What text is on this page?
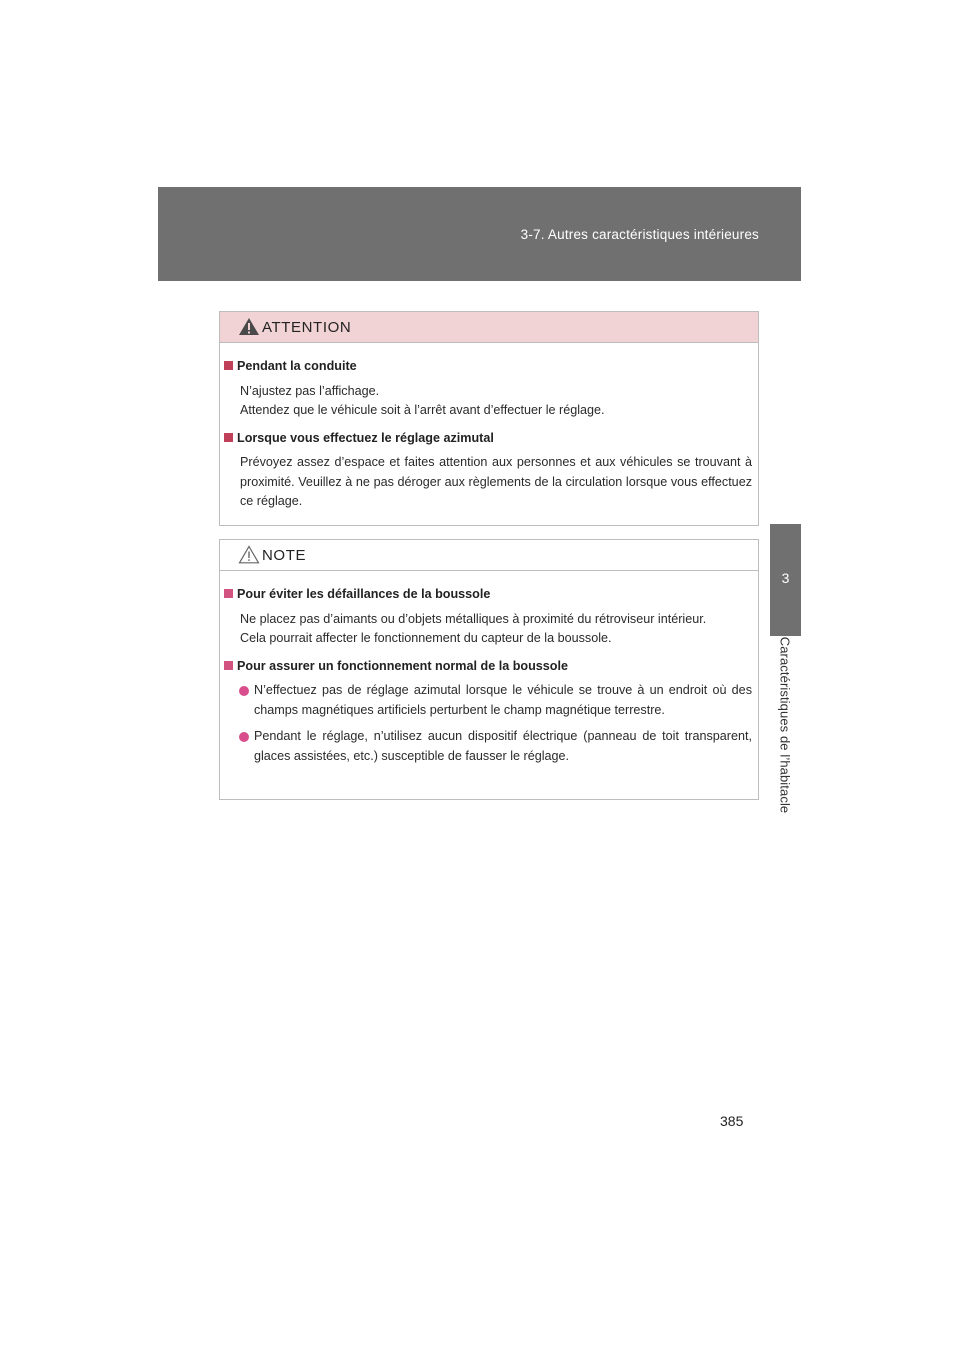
3-7. Autres caractéristiques intérieures
3
Caractéristiques de l’habitacle
ATTENTION
Pendant la conduite
N’ajustez pas l’affichage.
Attendez que le véhicule soit à l’arrêt avant d’effectuer le réglage.
Lorsque vous effectuez le réglage azimutal
Prévoyez assez d’espace et faites attention aux personnes et aux véhicules se trouvant à proximité. Veuillez à ne pas déroger aux règlements de la circulation lorsque vous effectuez ce réglage.
NOTE
Pour éviter les défaillances de la boussole
Ne placez pas d’aimants ou d’objets métalliques à proximité du rétroviseur intérieur.
Cela pourrait affecter le fonctionnement du capteur de la boussole.
Pour assurer un fonctionnement normal de la boussole
N’effectuez pas de réglage azimutal lorsque le véhicule se trouve à un endroit où des champs magnétiques artificiels perturbent le champ magnétique terrestre.
Pendant le réglage, n’utilisez aucun dispositif électrique (panneau de toit transparent, glaces assistées, etc.) susceptible de fausser le réglage.
385
